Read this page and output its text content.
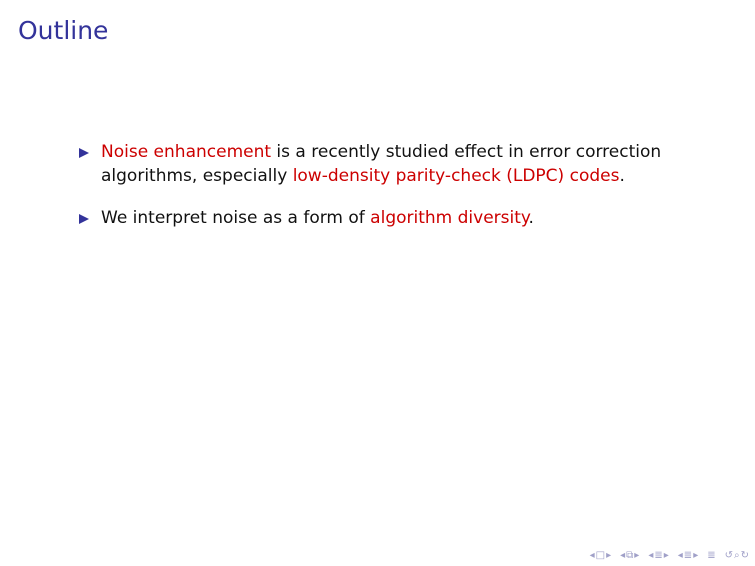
Outline
Noise enhancement is a recently studied effect in error correction algorithms, especially low-density parity-check (LDPC) codes.
We interpret noise as a form of algorithm diversity.
◂ □ ▸ ◂ ⧉ ▸ ◂ ≣ ▸ ◂ ≣ ▸ ≣ ↺ ⌕ ↻
